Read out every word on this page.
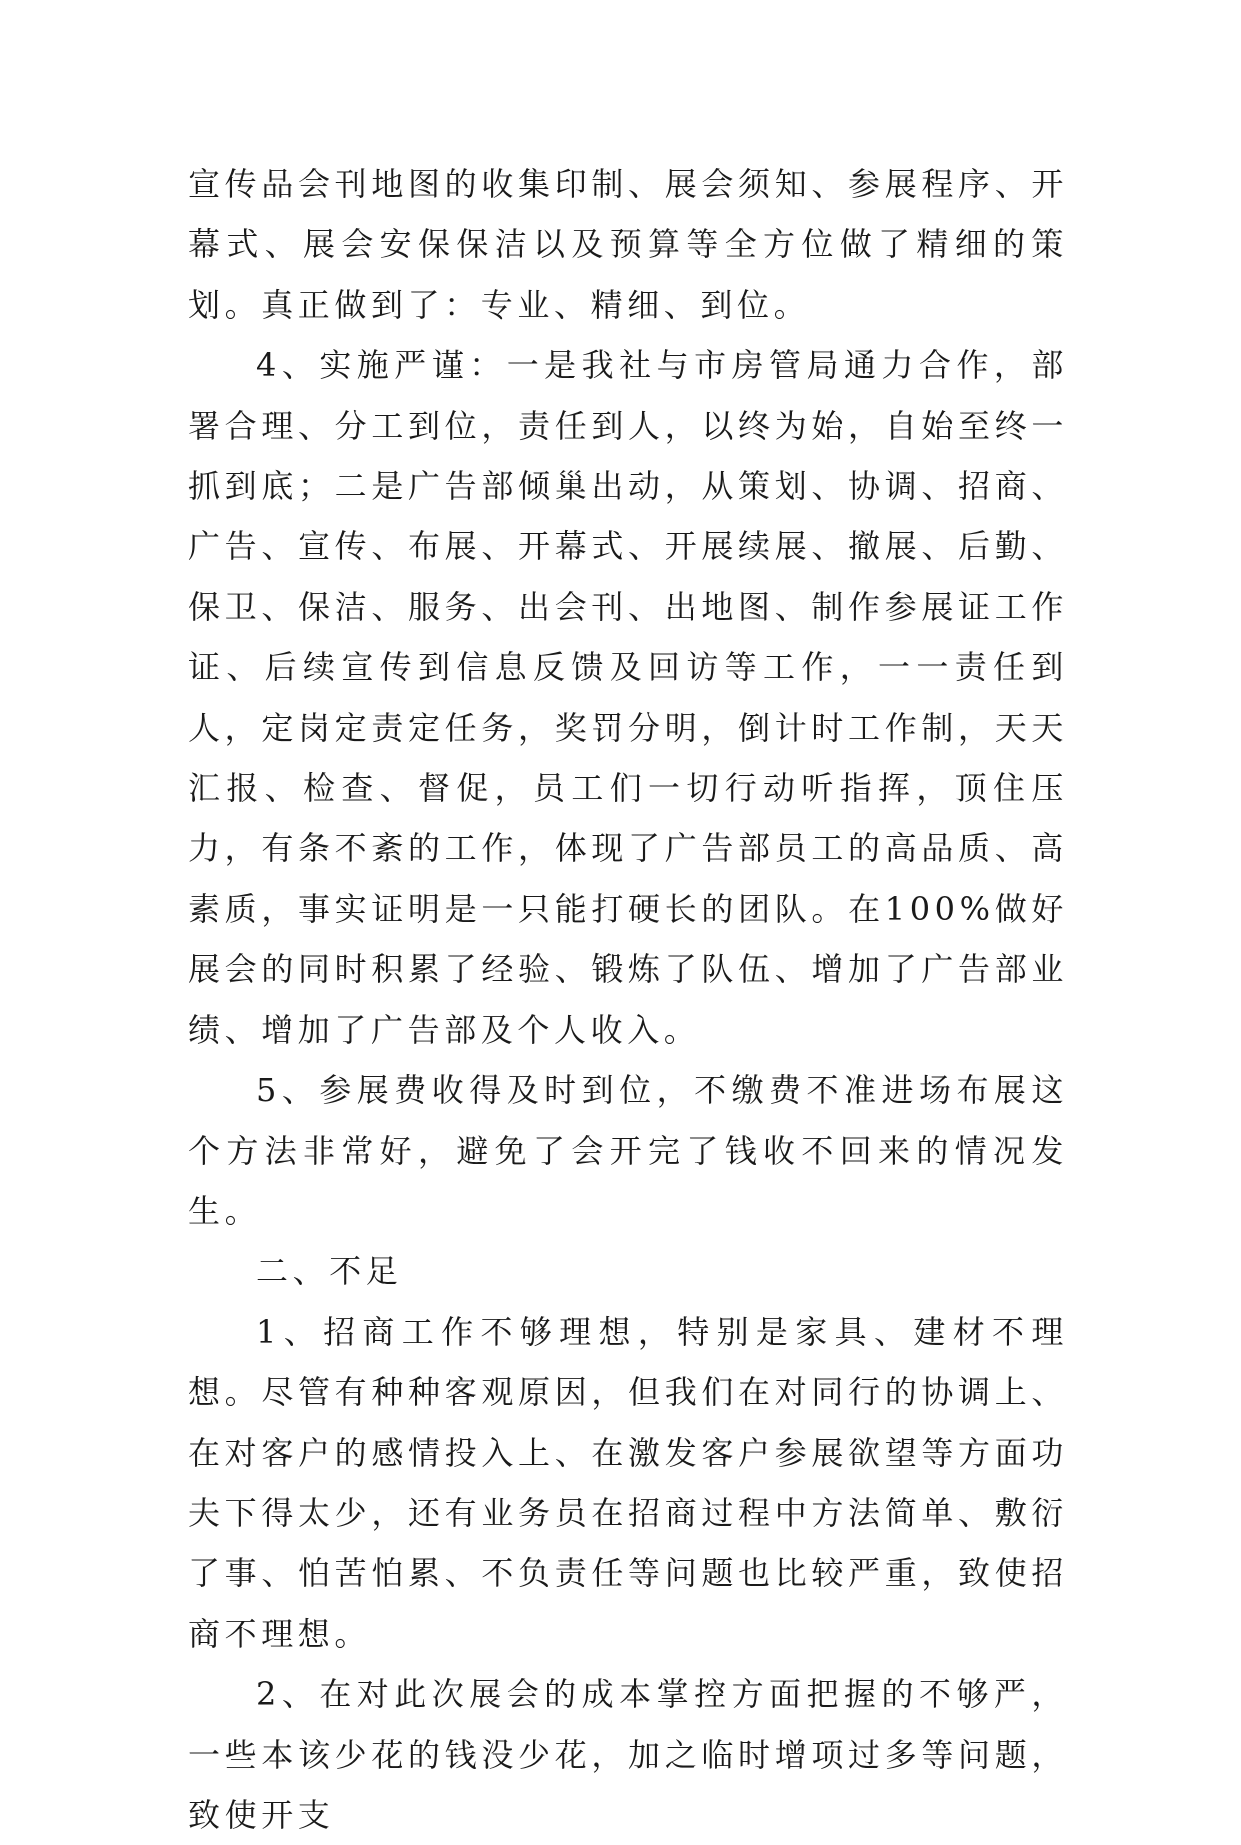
宣传品会刊地图的收集印制、展会须知、参展程序、开幕式、展会安保保洁以及预算等全方位做了精细的策划。真正做到了：专业、精细、到位。

4、实施严谨：一是我社与市房管局通力合作，部署合理、分工到位，责任到人，以终为始，自始至终一抓到底；二是广告部倾巢出动，从策划、协调、招商、广告、宣传、布展、开幕式、开展续展、撤展、后勤、保卫、保洁、服务、出会刊、出地图、制作参展证工作证、后续宣传到信息反馈及回访等工作，一一责任到人，定岗定责定任务，奖罚分明，倒计时工作制，天天汇报、检查、督促，员工们一切行动听指挥，顶住压力，有条不紊的工作，体现了广告部员工的高品质、高素质，事实证明是一只能打硬长的团队。在100%做好展会的同时积累了经验、锻炼了队伍、增加了广告部业绩、增加了广告部及个人收入。

5、参展费收得及时到位，不缴费不准进场布展这个方法非常好，避免了会开完了钱收不回来的情况发生。

二、不足

1、招商工作不够理想，特别是家具、建材不理想。尽管有种种客观原因，但我们在对同行的协调上、在对客户的感情投入上、在激发客户参展欲望等方面功夫下得太少，还有业务员在招商过程中方法简单、敷衍了事、怕苦怕累、不负责任等问题也比较严重，致使招商不理想。

2、在对此次展会的成本掌控方面把握的不够严，一些本该少花的钱没少花，加之临时增项过多等问题，致使开支
